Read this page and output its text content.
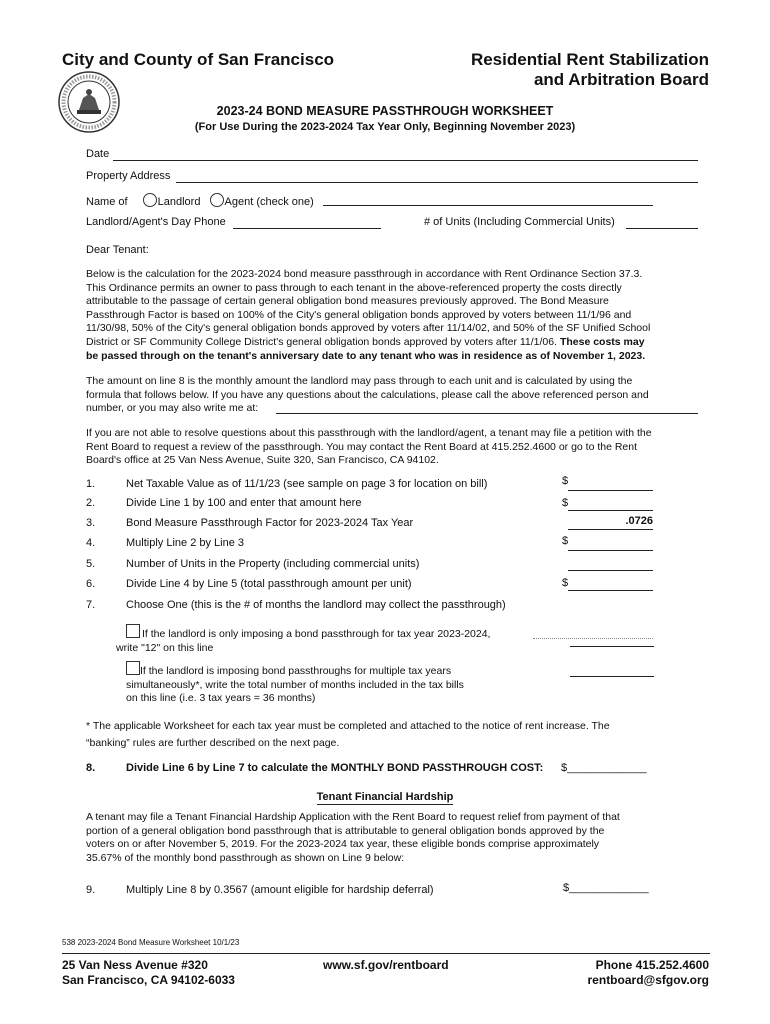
City and County of San Francisco	Residential Rent Stabilization
and Arbitration Board
2023-24 BOND MEASURE PASSTHROUGH WORKSHEET
(For Use During the 2023-2024 Tax Year Only, Beginning November 2023)
Date
Property Address
Name of	Landlord Agent (check one)
Landlord/Agent's Day Phone	# of Units (Including Commercial Units)
Dear Tenant:
Below is the calculation for the 2023-2024 bond measure passthrough in accordance with Rent Ordinance Section 37.3.
This Ordinance permits an owner to pass through to each tenant in the above-referenced property the costs directly
attributable to the passage of certain general obligation bond measures previously approved. The Bond Measure
Passthrough Factor is based on 100% of the City's general obligation bonds approved by voters between 11/1/96 and
11/30/98, 50% of the City's general obligation bonds approved by voters after 11/14/02, and 50% of the SF Unified School
District or SF Community College District's general obligation bonds approved by voters after 11/1/06. These costs may
be passed through on the tenant's anniversary date to any tenant who was in residence as of November 1, 2023.
The amount on line 8 is the monthly amount the landlord may pass through to each unit and is calculated by using the
formula that follows below. If you have any questions about the calculations, please call the above referenced person and
number, or you may also write me at:
If you are not able to resolve questions about this passthrough with the landlord/agent, a tenant may file a petition with the
Rent Board to request a review of the passthrough. You may contact the Rent Board at 415.252.4600 or go to the Rent
Board's office at 25 Van Ness Avenue, Suite 320, San Francisco, CA 94102.
1.	Net Taxable Value as of 11/1/23 (see sample on page 3 for location on bill)	$
2.	Divide Line 1 by 100 and enter that amount here	$
3.	Bond Measure Passthrough Factor for 2023-2024 Tax Year	.0726
4.	Multiply Line 2 by Line 3	$
5.	Number of Units in the Property (including commercial units)
6.	Divide Line 4 by Line 5 (total passthrough amount per unit)	$
7.	Choose One (this is the # of months the landlord may collect the passthrough)
If the landlord is only imposing a bond passthrough for tax year 2023-2024,
write "12" on this line
If the landlord is imposing bond passthroughs for multiple tax years
simultaneously*, write the total number of months included in the tax bills
on this line (i.e. 3 tax years = 36 months)
* The applicable Worksheet for each tax year must be completed and attached to the notice of rent increase. The
“banking” rules are further described on the next page.
8.	Divide Line 6 by Line 7 to calculate the MONTHLY BOND PASSTHROUGH COST: $_____________
Tenant Financial Hardship
A tenant may file a Tenant Financial Hardship Application with the Rent Board to request relief from payment of that
portion of a general obligation bond passthrough that is attributable to general obligation bonds approved by the
voters on or after November 5, 2019. For the 2023-2024 tax year, these eligible bonds comprise approximately
35.67% of the monthly bond passthrough as shown on Line 9 below:
9.	Multiply Line 8 by 0.3567 (amount eligible for hardship deferral)	$_____________
538 2023-2024 Bond Measure Worksheet 10/1/23
25 Van Ness Avenue #320
San Francisco, CA 94102-6033
www.sf.gov/rentboard	Phone 415.252.4600
rentboard@sfgov.org
